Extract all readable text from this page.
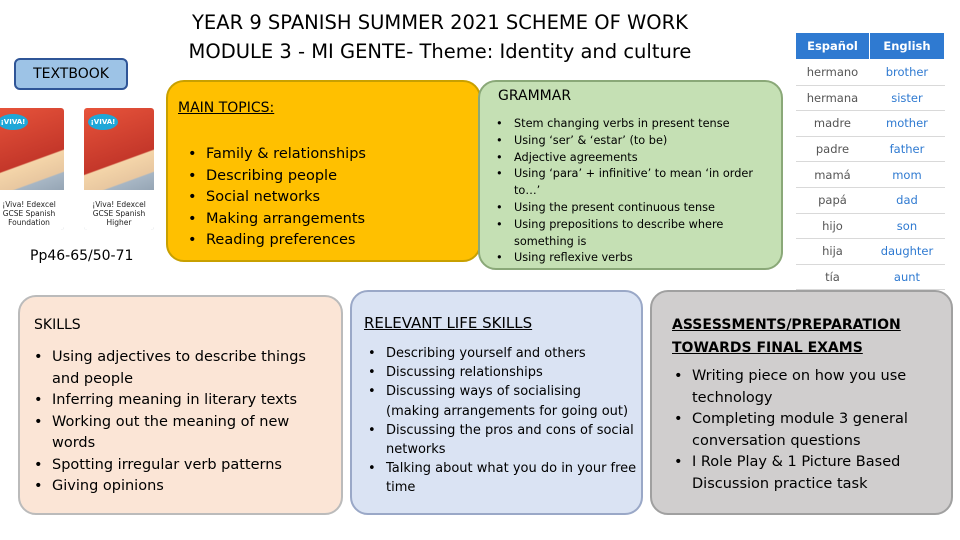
YEAR 9 SPANISH SUMMER 2021 SCHEME OF WORK
MODULE 3 - MI GENTE- Theme: Identity and culture
TEXTBOOK
¡VIVA!
¡Viva! Edexcel GCSE Spanish Foundation
¡VIVA!
¡Viva! Edexcel GCSE Spanish Higher
Pp46-65/50-71
MAIN TOPICS:
• Family & relationships
• Describing people
• Social networks
• Making arrangements
• Reading preferences
GRAMMAR
• Stem changing verbs in present tense
• Using ‘ser’ & ‘estar’ (to be)
• Adjective agreements
• Using ‘para’ + infinitive’ to mean ‘in order to…’
• Using the present continuous tense
• Using prepositions to describe where something is
• Using reflexive verbs
Español	English
hermano	brother
hermana	sister
madre	mother
padre	father
mamá	mom
papá	dad
hijo	son
hija	daughter
tía	aunt
SKILLS
• Using adjectives to describe things and people
• Inferring meaning in literary texts
• Working out the meaning of new words
• Spotting irregular verb patterns
• Giving opinions
RELEVANT LIFE SKILLS
• Describing yourself and others
• Discussing relationships
• Discussing ways of socialising (making arrangements for going out)
• Discussing the pros and cons of social networks
• Talking about what you do in your free time
ASSESSMENTS/PREPARATION TOWARDS FINAL EXAMS
• Writing piece on how you use technology
• Completing module 3 general conversation questions
• I Role Play & 1 Picture Based Discussion practice task
